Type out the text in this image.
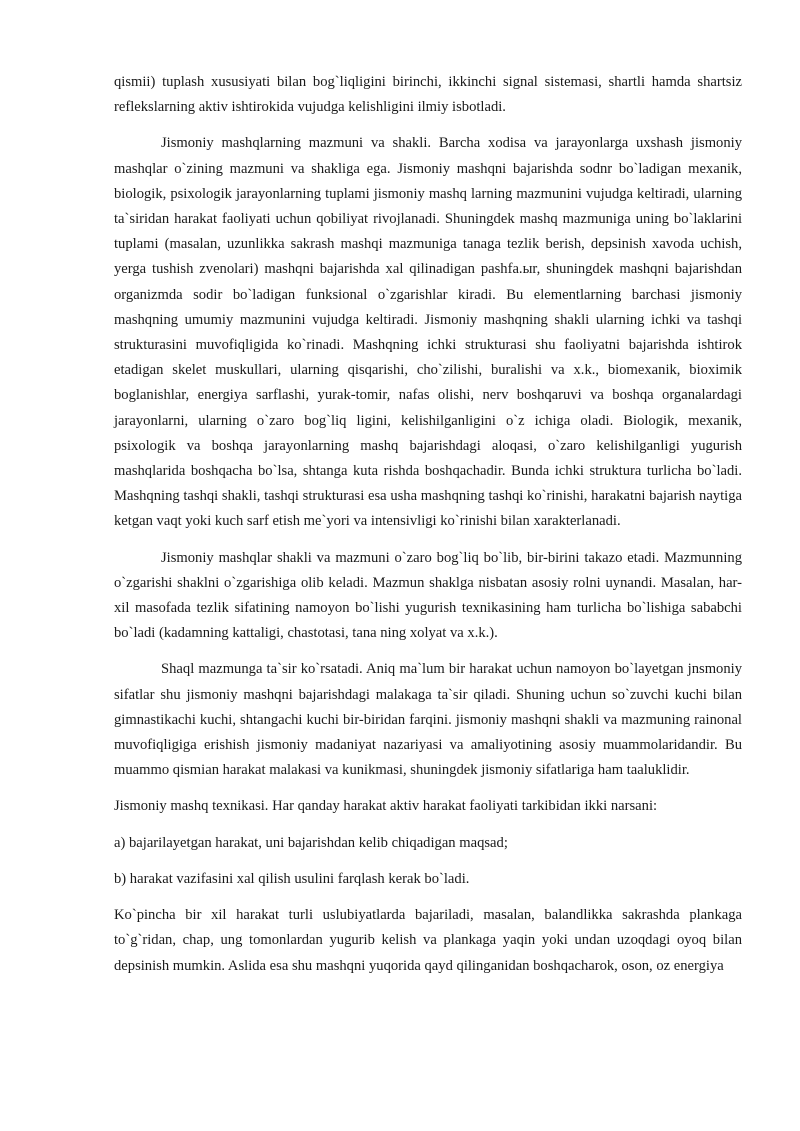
qismii) tuplash xususiyati bilan bog`liqligini birinchi, ikkinchi signal sistemasi, shartli hamda shartsiz reflekslarning aktiv ishtirokida vujudga kelishligini ilmiy isbotladi.

Jismoniy mashqlarning mazmuni va shakli. Barcha xodisa va jarayonlarga uxshash jismoniy mashqlar o`zining mazmuni va shakliga ega. Jismoniy mashqni bajarishda sodnr bo`ladigan mexanik, biologik, psixologik jarayonlarning tuplami jismoniy mashq larning mazmunini vujudga keltiradi, ularning ta`siridan harakat faoliyati uchun qobiliyat rivojlanadi. Shuningdek mashq mazmuniga uning bo`laklarini tuplami (masalan, uzunlikka sakrash mashqi mazmuniga tanaga tezlik berish, depsinish xavoda uchish, yerga tushish zvenolari) mashqni bajarishda xal qilinadigan pashfa.ыr, shuningdek mashqni bajarishdan organizmda sodir bo`ladigan funksional o`zgarishlar kiradi. Bu elementlarning barchasi jismoniy mashqning umumiy mazmunini vujudga keltiradi. Jismoniy mashqning shakli ularning ichki va tashqi strukturasini muvofiqligida ko`rinadi. Mashqning ichki strukturasi shu faoliyatni bajarishda ishtirok etadigan skelet muskullari, ularning qisqarishi, cho`zilishi, buralishi va x.k., biomexanik, bioximik boglanishlar, energiya sarflashi, yurak-tomir, nafas olishi, nerv boshqaruvi va boshqa organalardagi jarayonlarni, ularning o`zaro bog`liq ligini, kelishilganligini o`z ichiga oladi. Biologik, mexanik, psixologik va boshqa jarayonlarning mashq bajarishdagi aloqasi, o`zaro kelishilganligi yugurish mashqlarida boshqacha bo`lsa, shtanga kuta rishda boshqachadir. Bunda ichki struktura turlicha bo`ladi. Mashqning tashqi shakli, tashqi strukturasi esa usha mashqning tashqi ko`rinishi, harakatni bajarish naytiga ketgan vaqt yoki kuch sarf etish me`yori va intensivligi ko`rinishi bilan xarakterlanadi.

Jismoniy mashqlar shakli va mazmuni o`zaro bog`liq bo`lib, bir-birini takazo etadi. Mazmunning o`zgarishi shaklni o`zgarishiga olib keladi. Mazmun shaklga nisbatan asosiy rolni uynandi. Masalan, har-xil masofada tezlik sifatining namoyon bo`lishi yugurish texnikasining ham turlicha bo`lishiga sababchi bo`ladi (kadamning kattaligi, chastotasi, tana ning xolyat va x.k.).

Shaql mazmunga ta`sir ko`rsatadi. Aniq ma`lum bir harakat uchun namoyon bo`layetgan jnsmoniy sifatlar shu jismoniy mashqni bajarishdagi malakaga ta`sir qiladi. Shuning uchun so`zuvchi kuchi bilan gimnastikachi kuchi, shtangachi kuchi bir-biridan farqini. jismoniy mashqni shakli va mazmuning rainonal muvofiqligiga erishish jismoniy madaniyat nazariyasi va amaliyotining asosiy muammolaridandir. Bu muammo qismian harakat malakasi va kunikmasi, shuningdek jismoniy sifatlariga ham taaluklidir.

Jismoniy mashq texnikasi. Har qanday harakat aktiv harakat faoliyati tarkibidan ikki narsani:

a) bajarilayetgan harakat, uni bajarishdan kelib chiqadigan maqsad;

b) harakat vazifasini xal qilish usulini farqlash kerak bo`ladi.

Ko`pincha bir xil harakat turli uslubiyatlarda bajariladi, masalan, balandlikka sakrashda plankaga to`g`ridan, chap, ung tomonlardan yugurib kelish va plankaga yaqin yoki undan uzoqdagi oyoq bilan depsinish mumkin. Aslida esa shu mashqni yuqorida qayd qilinganidan boshqacharok, oson, oz energiya
